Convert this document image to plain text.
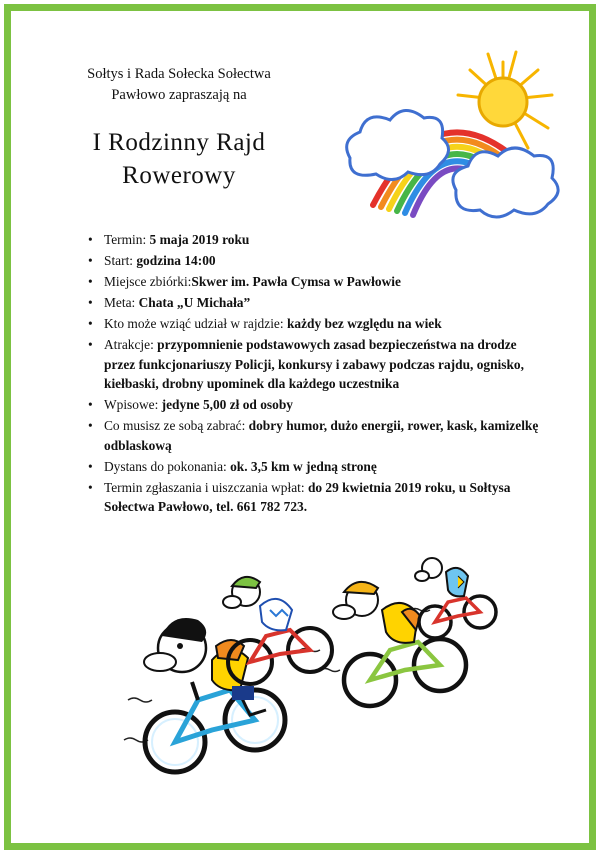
Sołtys i Rada Sołecka Sołectwa
Pawłowo zapraszają na
I Rodzinny Rajd
Rowerowy
• Termin: 5 maja 2019 roku
• Start: godzina 14:00
• Miejsce zbiórki:Skwer im. Pawła Cymsa w Pawłowie
• Meta: Chata „U Michała”
• Kto może wziąć udział w rajdzie: każdy bez względu na wiek
• Atrakcje: przypomnienie podstawowych zasad bezpieczeństwa na drodze przez funkcjonariuszy Policji, konkursy i zabawy podczas rajdu, ognisko, kiełbaski, drobny upominek dla każdego uczestnika
• Wpisowe: jedyne 5,00 zł od osoby
• Co musisz ze sobą zabrać: dobry humor, dużo energii, rower, kask, kamizelkę odblaskową
• Dystans do pokonania: ok. 3,5 km w jedną stronę
• Termin zgłaszania i uiszczania wpłat: do 29 kwietnia 2019 roku, u Sołtysa Sołectwa Pawłowo, tel. 661 782 723.
